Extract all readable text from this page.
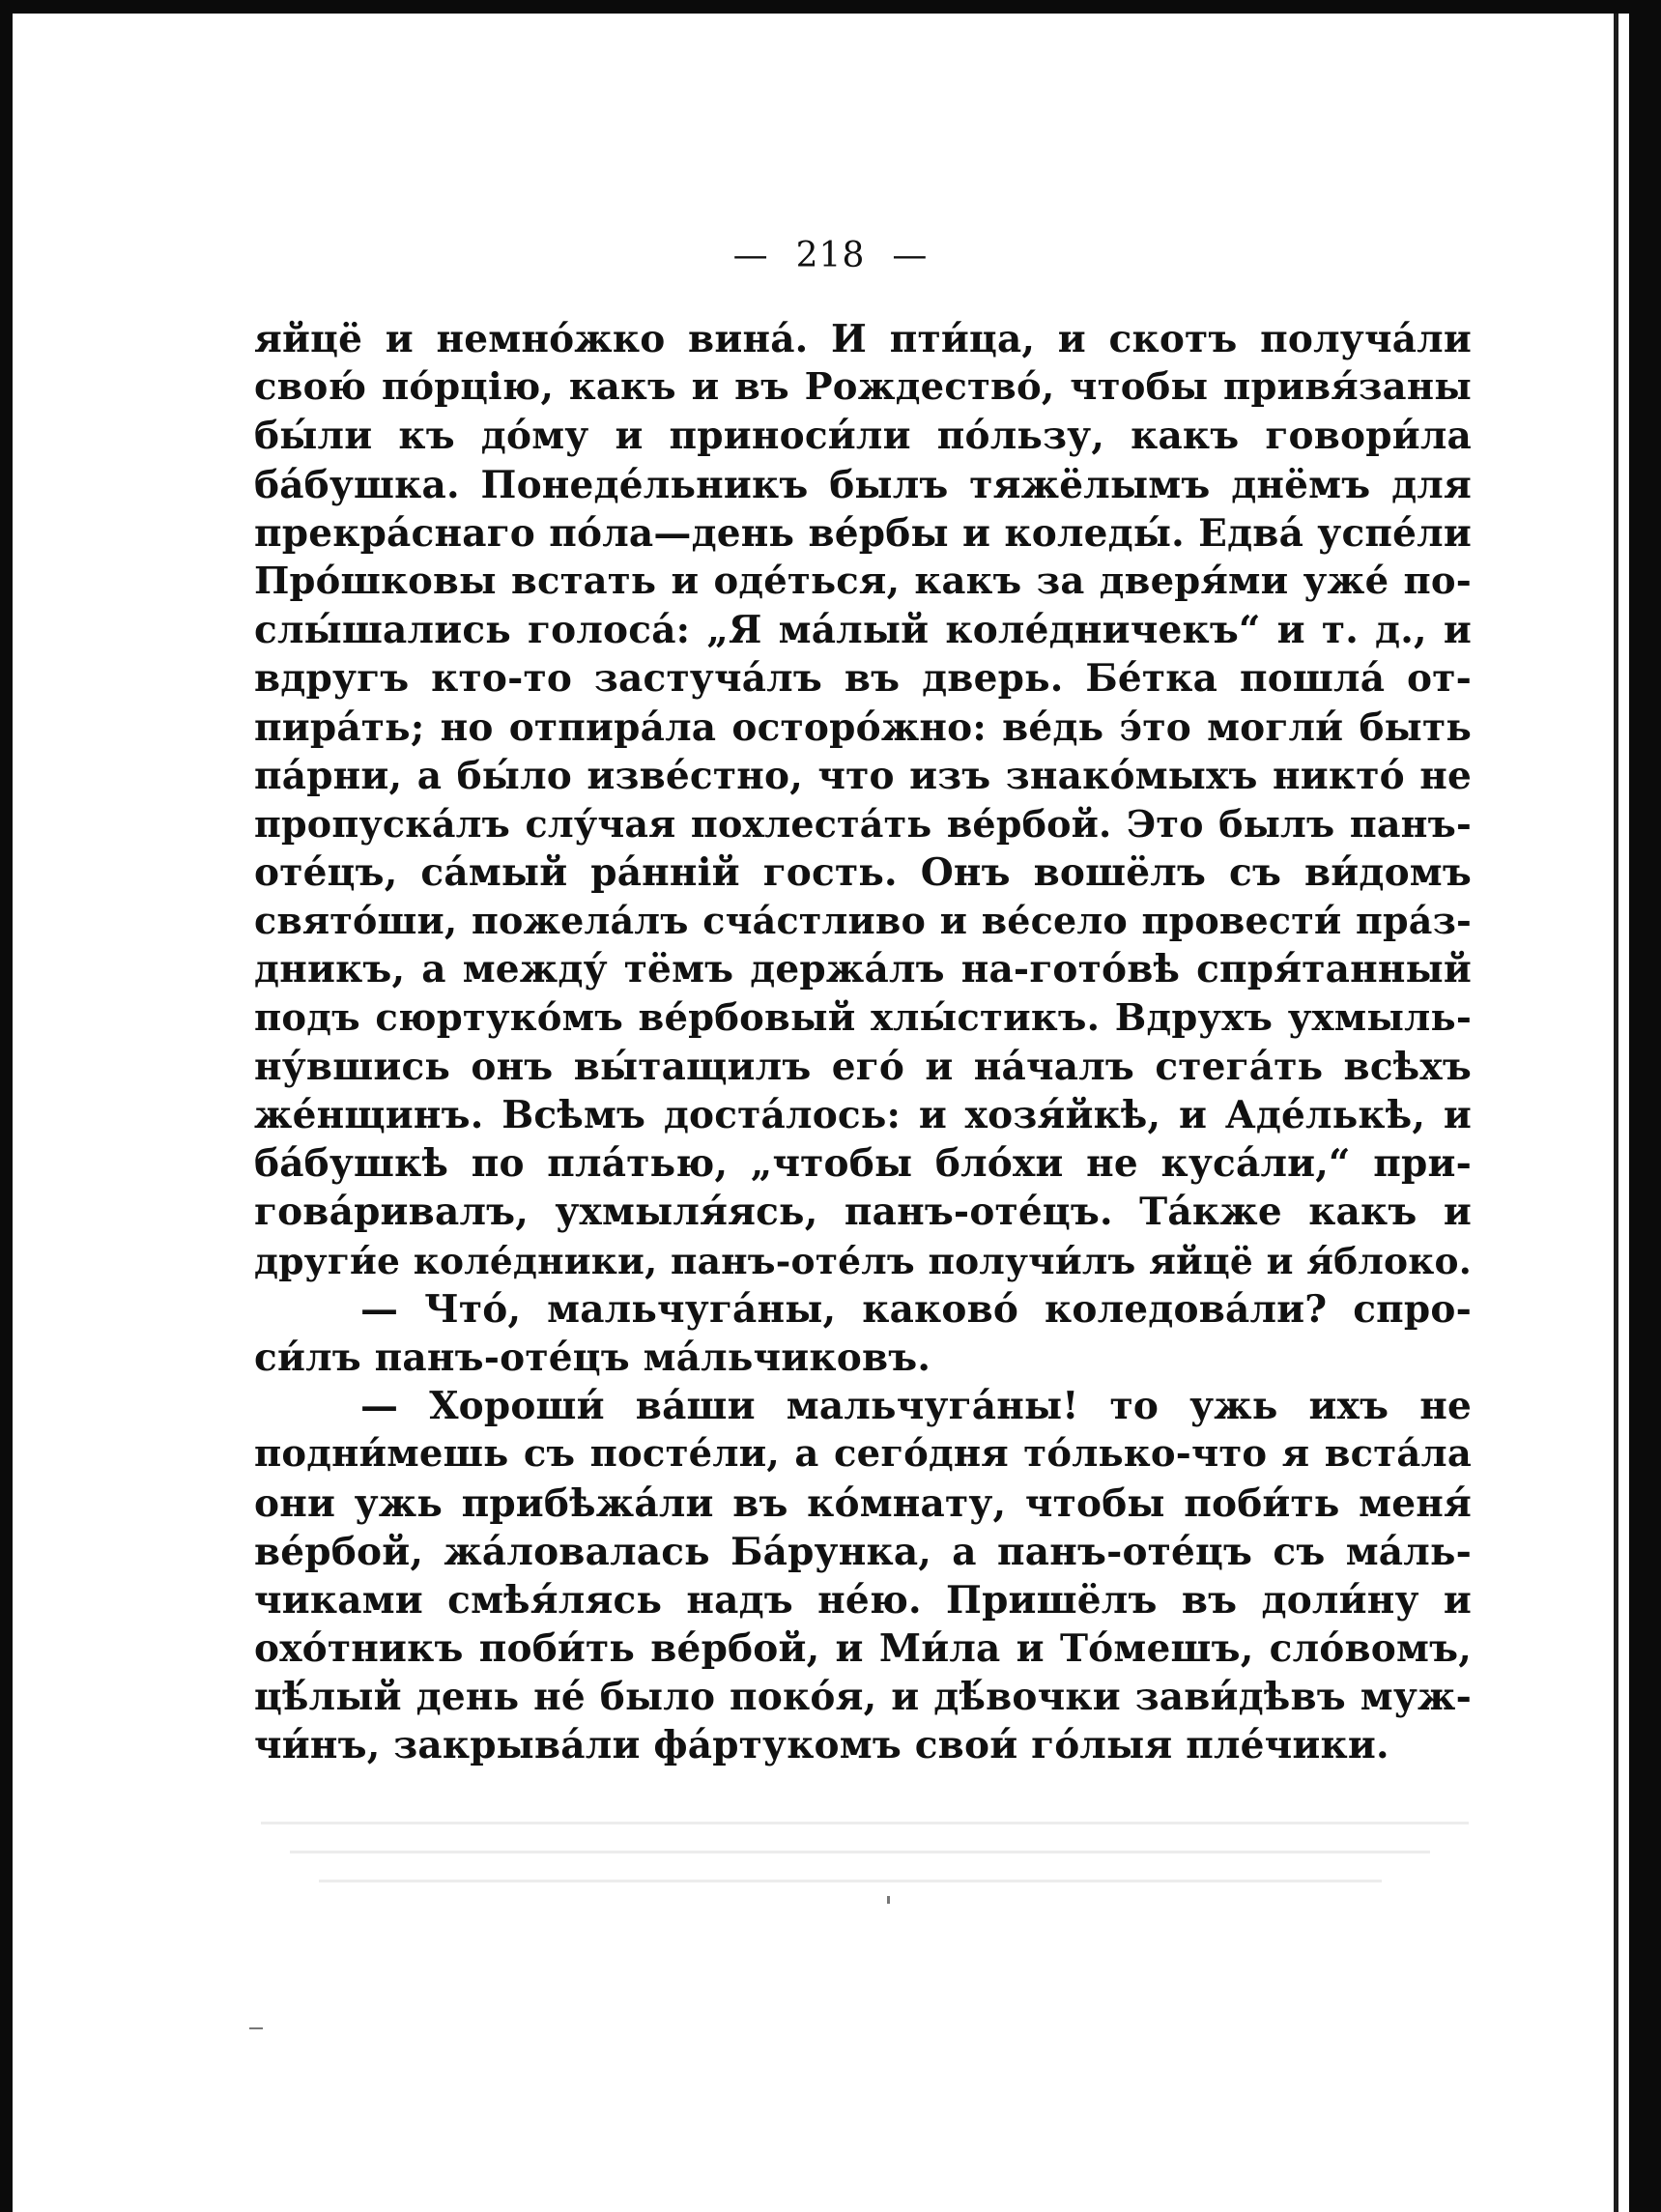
— 218 —
яйцё и немно́жко вина́. И пти́ца, и скотъ получа́ли
свою́ по́рцію, какъ и въ Рождество́, чтобы привя́заны
бы́ли къ до́му и приноси́ли по́льзу, какъ говори́ла
ба́бушка. Понеде́льникъ былъ тяжёлымъ днёмъ для
прекра́снаго по́ла—день ве́рбы и коледы́. Едва́ успе́ли
Про́шковы встать и оде́ться, какъ за дверя́ми уже́ по-
слы́шались голоса́: „Я ма́лый коле́дничекъ“ и т. д., и
вдругъ кто-то застуча́лъ въ дверь. Бе́тка пошла́ от-
пира́ть; но отпира́ла осторо́жно: ве́дь э́то могли́ быть
па́рни, а бы́ло изве́стно, что изъ знако́мыхъ никто́ не
пропуска́лъ слу́чая похлеста́ть ве́рбой. Это былъ панъ-
оте́цъ, са́мый ра́нній гость. Онъ вошёлъ съ ви́домъ
свято́ши, пожела́лъ сча́стливо и ве́село провести́ пра́з-
дникъ, а между́ тёмъ держа́лъ на-гото́вѣ спря́танный
подъ сюртуко́мъ ве́рбовый хлы́стикъ. Вдрухъ ухмыль-
ну́вшись онъ вы́тащилъ его́ и на́чалъ стега́ть всѣхъ
же́нщинъ. Всѣмъ доста́лось: и хозя́йкѣ, и Аде́лькѣ, и
ба́бушкѣ по пла́тью, „чтобы бло́хи не куса́ли,“ при-
гова́ривалъ, ухмыля́ясь, панъ-оте́цъ. Та́кже какъ и
други́е коле́дники, панъ-оте́лъ получи́лъ яйцё и я́блоко.
— Что́, мальчуга́ны, каково́ коледова́ли? спро-
си́лъ панъ-оте́цъ ма́льчиковъ.
— Хороши́ ва́ши мальчуга́ны! то ужь ихъ не
подни́мешь съ посте́ли, а сего́дня то́лько-что я вста́ла
они ужь прибѣжа́ли въ ко́мнату, чтобы поби́ть меня́
ве́рбой, жа́ловалась Ба́рунка, а панъ-оте́цъ съ ма́ль-
чиками смѣя́лясь надъ не́ю. Пришёлъ въ доли́ну и
охо́тникъ поби́ть ве́рбой, и Ми́ла и То́мешъ, сло́вомъ,
цѣ́лый день не́ было поко́я, и дѣ́вочки зави́дѣвъ муж-
чи́нъ, закрыва́ли фа́ртукомъ свои́ го́лыя пле́чики.
